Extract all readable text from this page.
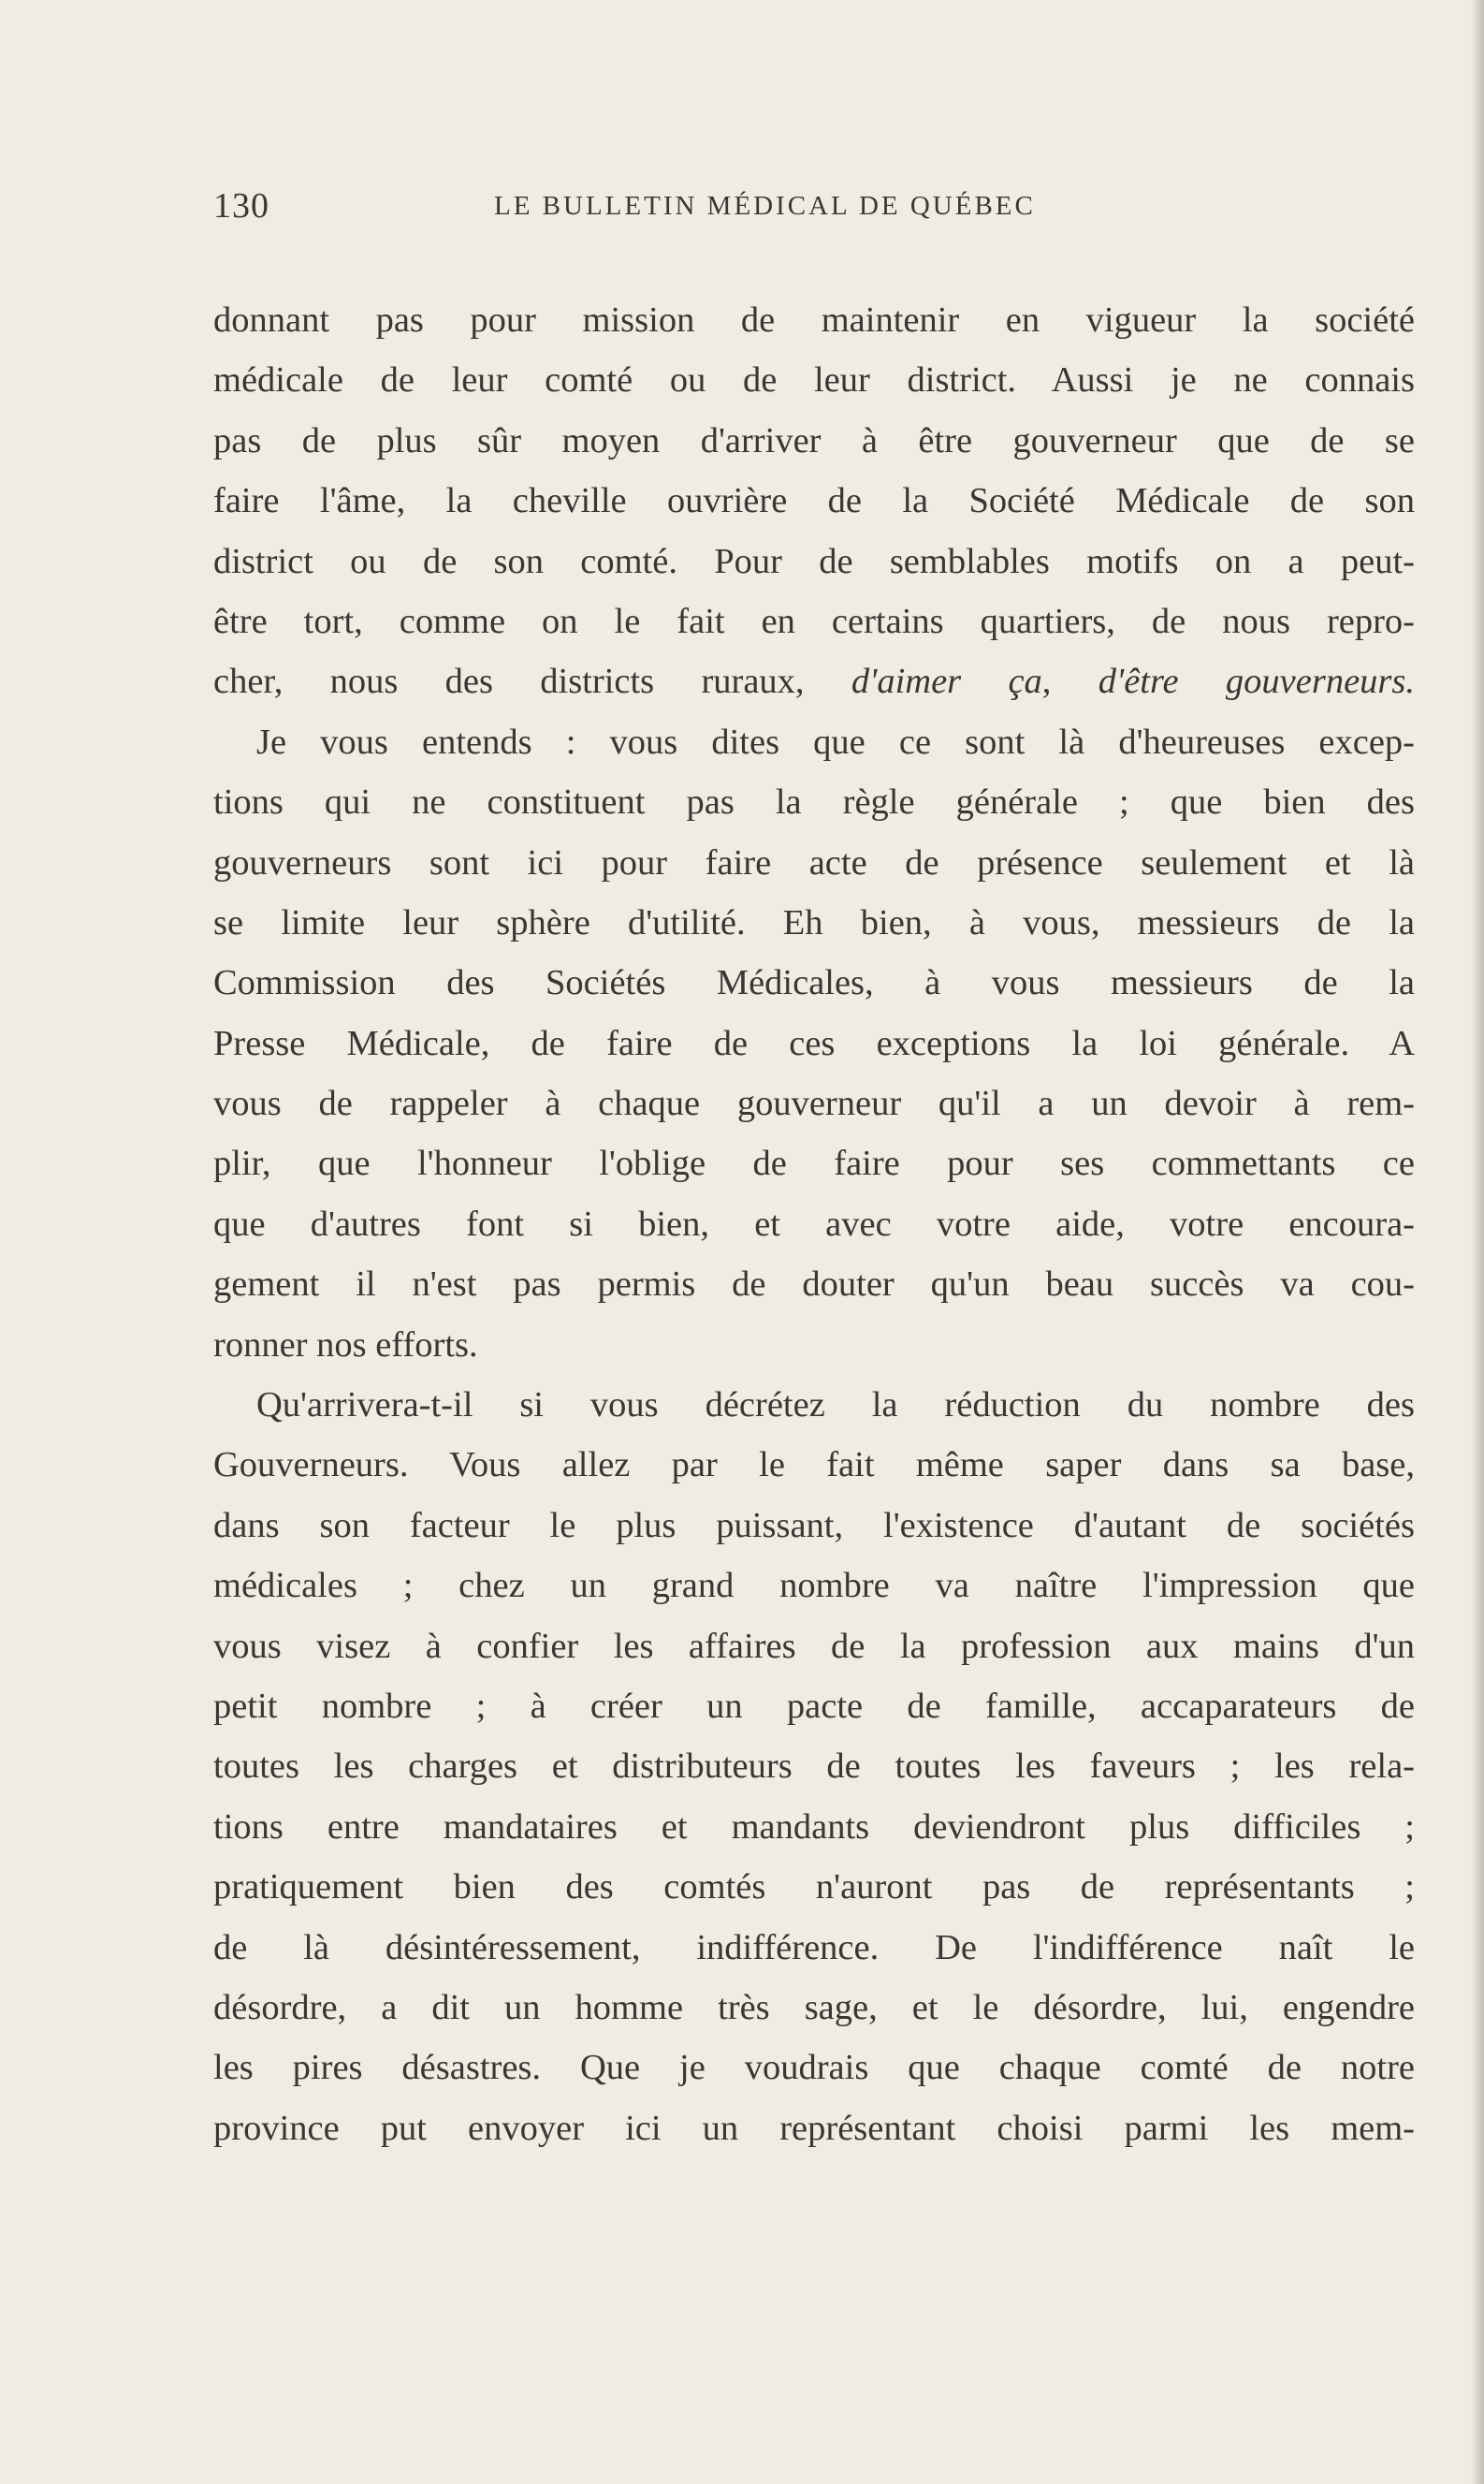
130	LE BULLETIN MÉDICAL DE QUÉBEC
donnant pas pour mission de maintenir en vigueur la société
médicale de leur comté ou de leur district. Aussi je ne connais
pas de plus sûr moyen d'arriver à être gouverneur que de se
faire l'âme, la cheville ouvrière de la Société Médicale de son
district ou de son comté. Pour de semblables motifs on a peut-
être tort, comme on le fait en certains quartiers, de nous repro-
cher, nous des districts ruraux, d'aimer ça, d'être gouverneurs.
Je vous entends : vous dites que ce sont là d'heureuses excep-
tions qui ne constituent pas la règle générale ; que bien des
gouverneurs sont ici pour faire acte de présence seulement et là
se limite leur sphère d'utilité. Eh bien, à vous, messieurs de la
Commission des Sociétés Médicales, à vous messieurs de la
Presse Médicale, de faire de ces exceptions la loi générale. A
vous de rappeler à chaque gouverneur qu'il a un devoir à rem-
plir, que l'honneur l'oblige de faire pour ses commettants ce
que d'autres font si bien, et avec votre aide, votre encoura-
gement il n'est pas permis de douter qu'un beau succès va cou-
ronner nos efforts.
Qu'arrivera-t-il si vous décrétez la réduction du nombre des
Gouverneurs. Vous allez par le fait même saper dans sa base,
dans son facteur le plus puissant, l'existence d'autant de sociétés
médicales ; chez un grand nombre va naître l'impression que
vous visez à confier les affaires de la profession aux mains d'un
petit nombre ; à créer un pacte de famille, accaparateurs de
toutes les charges et distributeurs de toutes les faveurs ; les rela-
tions entre mandataires et mandants deviendront plus difficiles ;
pratiquement bien des comtés n'auront pas de représentants ;
de là désintéressement, indifférence. De l'indifférence naît le
désordre, a dit un homme très sage, et le désordre, lui, engendre
les pires désastres. Que je voudrais que chaque comté de notre
province put envoyer ici un représentant choisi parmi les mem-
